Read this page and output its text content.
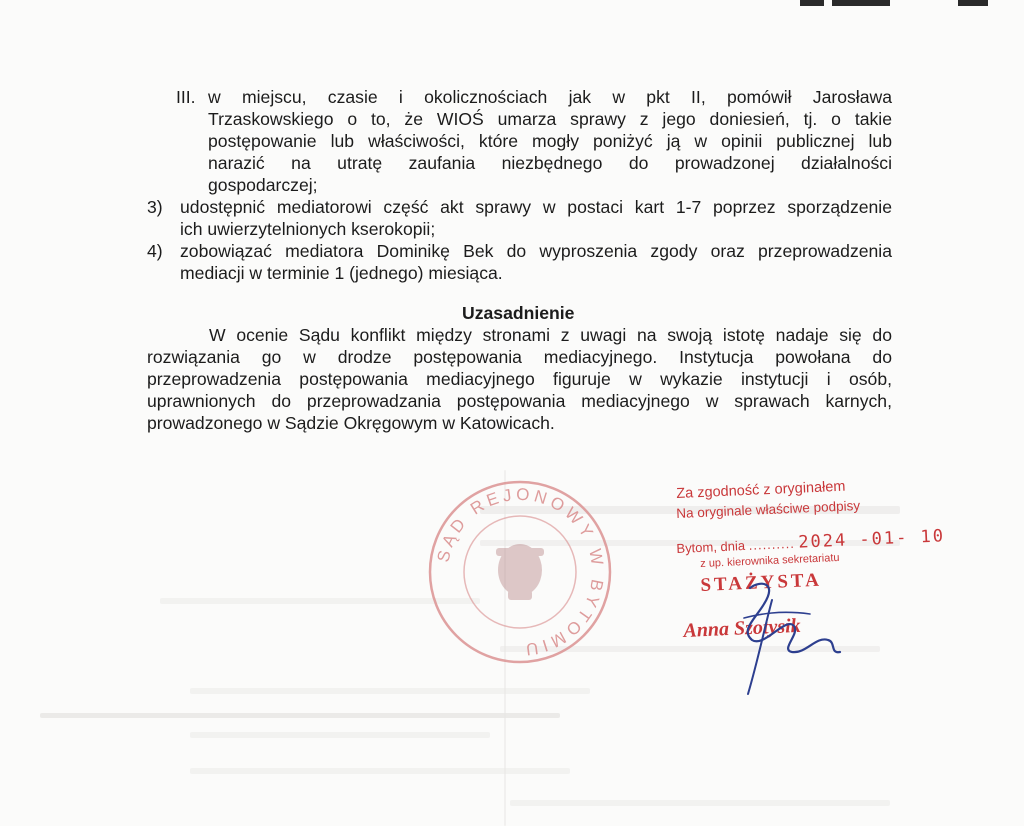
III. w miejscu, czasie i okolicznościach jak w pkt II, pomówił Jarosława
Trzaskowskiego o to, że WIOŚ umarza sprawy z jego doniesień, tj. o takie
postępowanie lub właściwości, które mogły poniżyć ją w opinii publicznej lub
narazić na utratę zaufania niezbędnego do prowadzonej działalności
gospodarczej;
3) udostępnić mediatorowi część akt sprawy w postaci kart 1-7 poprzez sporządzenie
ich uwierzytelnionych kserokopii;
4) zobowiązać mediatora Dominikę Bek do wyproszenia zgody oraz przeprowadzenia
mediacji w terminie 1 (jednego) miesiąca.
Uzasadnienie
W ocenie Sądu konflikt między stronami z uwagi na swoją istotę nadaje się do
rozwiązania go w drodze postępowania mediacyjnego. Instytucja powołana do
przeprowadzenia postępowania mediacyjnego figuruje w wykazie instytucji i osób,
uprawnionych do przeprowadzania postępowania mediacyjnego w sprawach karnych,
prowadzonego w Sądzie Okręgowym w Katowicach.
SĄD REJONOWY W BYTOMIU
Za zgodność z oryginałem
Na oryginale właściwe podpisy
Bytom, dnia .......... 2024 -01- 10
z up. kierownika sekretariatu
STAŻYSTA
Anna Szotysik
